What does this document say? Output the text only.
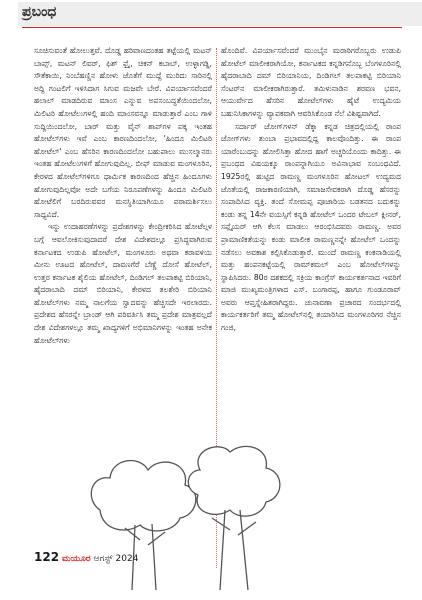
ಪ್ರಬಂಧ

ಸೂಚಿಸುವಂತೆ ಹೋಲುತ್ತವೆ. ದೊಡ್ಡ ಹರಿವಾಣದಂತಹ ತಟ್ಟೆಯಲ್ಲಿ ಮಟನ್ ಬಾಪ್ಸ್, ಮಟನ್ ಲಿವರ್, ಫಿಶ್ ಫ್ರೈ, ಚಿಕನ್ ಕಬಾಬ್, ಉಳ್ಳಾಗಡ್ಡಿ, ಸೌತೆಕಾಯಿ, ನಿಂಬೆಹಣ್ಣಿನ ಹೋಳು ಜೊತೆಗೆ ಮುದ್ದೆ ಮುರಿದು ಸಾರಿನಲ್ಲಿ ಅದ್ದಿ ಗಂಟಲಿಗೆ ಇಳಿಸಿದಾಗ ಸಿಗುವ ಮಜವೇ ಬೇರೆ. ವಿಪರ್ಯಾಸವೆಂದರೆ ಹಲಾಲ್ ಮಾಡದಿರುವ ಮಾಂಸ ಎನ್ನುವ ಅಪಸಂಬದ್ಧತೆಯಿಂದಲೋ, ಮಿಲಿಟರಿ ಹೋಟೆಲುಗಳಲ್ಲಿ ಹಂದಿ ಮಾಂಸವನ್ನೂ ಮಾಡುತ್ತಾರೆ ಎಂಬ ಗಾಳಿ ಸುದ್ದಿಯಿಂದಲೋ, ಬಾರ್ ಮತ್ತು ವೈನ್ ಶಾಪ್‌ಗಳ ಪಕ್ಕ ಇಂತಹ ಹೋಟೆಲ್‌ಗಳು ಇವೆ ಎಂಬ ಕಾರಣದಿಂದಲೋ, 'ಹಿಂದೂ ಮಿಲಿಟರಿ ಹೋಟೆಲ್' ಎಂಬ ಹೆಸರಿನ ಕಾರಣದಿಂದಲೋ ಬಹುಪಾಲು ಮುಸಲ್ಮಾನರು ಇಂತಹ ಹೋಟೆಲುಗಳಿಗೆ ಹೋಗುವುದಿಲ್ಲ. ಬೀಫ್ ಮಾಡುವ ಮಂಗಳೂರಿನ, ಕೇರಳದ ಹೋಟೆಲ್‌ಗಳಿಗೂ ಧಾರ್ಮಿಕ ಕಾರಣದಿಂದ ಹೆಚ್ಚಿನ ಹಿಂದೂಗಳು ಹೋಗುವುದಿಲ್ಲವೋ ಅದೇ ಬಗೆಯ ನಿರೂಪಣೆಗಳನ್ನು ಹಿಂದೂ ಮಿಲಿಟರಿ ಹೋಟೆಲಿಗೆ ಬರದಿರುವವರ ಮನಸ್ಥಿತಿಯಾಗಿಯೂ ಪರಾಮರ್ಶಿಸಲು ಸಾಧ್ಯವಿದೆ.

ಇನ್ನು ಉದಾಹರಣೆಗಳನ್ನು ಪ್ರದೇಶಗಳನ್ನು ಕೇಂದ್ರೀಕರಿಸಿದ ಹೋಟೆಲ್ಗಳ ಬಗ್ಗೆ ಆವಲೋಕಿಸುವುದಾದರೆ ದೇಶ ವಿದೇಶದಲ್ಲೂ ಪ್ರಸಿದ್ಧವಾಗಿರುವ ಕರ್ನಾಟಕದ ಉಡುಪಿ ಹೋಟೆಲ್, ಮಂಗಳೂರು ಅಥವಾ ಕರಾವಳಿಯ ಮೀನು ಊಟದ ಹೋಟೆಲ್, ದಾವಣಗೆರೆ ಬೆಣ್ಣೆ ದೋಸೆ ಹೋಟೆಲ್, ಉತ್ತರ ಕರ್ನಾಟಕ ಶೈಲಿಯ ಹೋಟೆಲ್, ದಿಂಡಿಗಲ್ ತಲಪಾಕಟ್ಟಿ ಬಿರಿಯಾನಿ, ಹೈದರಾಬಾದಿ ದಮ್ ಬಿರಿಯಾನಿ, ಕೇರಳದ ತಲಶೇರಿ ಬಿರಿಯಾನಿ ಹೋಟೆಲ್‌ಗಳು ನಮ್ಮ ನಾಲಗೆಯ ಸ್ವಾದವನ್ನು ಹೆಚ್ಚಿಸದೇ ಇರಲಾರದು. ಪ್ರದೇಶದ ಹೆಸರನ್ನೇ ಬ್ರಾಂಡ್ ಆಗಿ ಪರಿವರ್ತಿಸಿ ತಮ್ಮ ಪ್ರದೇಶ ಮಾತ್ರವಲ್ಲದೆ ದೇಶ ವಿದೇಶಗಳಲ್ಲೂ ತಮ್ಮ ಖಾದ್ಯಗಳಿಗೆ ಅಭಿಮಾನಿಗಳನ್ನು ಇಂತಹ ಅನೇಕ ಹೋಟೆಲ್‌ಗಳು

ಹೊಂದಿವೆ. ವಿಪರ್ಯಾಸವೆಂದರೆ ಮುಂಬೈನ ಮರಾಠಿಗರೊಬ್ಬರು ಉಡುಪಿ ಹೋಟೆಲ್ ಮಾಲೀಕರಾಗಿಯೋ, ಕರ್ನಾಟಕದ ಕನ್ನಡಿಗನೊಬ್ಬ ಬೆಂಗಳೂರಿನಲ್ಲಿ ಹೈದರಾಬಾದಿ ದಮ್ ಬಿರಿಯಾನಿಯ, ದಿಂಡಿಗಲ್ ತಲಪಾಕಟ್ಟಿ ಬಿರಿಯಾನಿ ಸೆಂಟರ್‌ನ ಮಾಲೀಕರಾಗಿರುತ್ತಾರೆ. ತಮಿಳುನಾಡಿನ ಶರವಣ ಭವನ, ಆಯುರ್ವೇದ ಹೆಸರಿನ ಹೋಟೆಲ್‌ಗಳು ಹೈಟೆ ಉದ್ಯಮಿಯ ಬಹುನಿಸಿಕಾಗಳನ್ನು ವ್ಯಾಪಕವಾಗಿ ಆವರಿಸಿಕೊಂಡ ನೆಲೆ ವಿಶಿಷ್ಟವಾಗಿದೆ.

ಸರ್ದಾರ್ ಜೋಗ್‌ಗಳನ್ ಡೆಕ್ಕಾ ಕನ್ನಡ ಚಿತ್ರದಲ್ಲಿಯಲ್ಲಿ ರಾಂಪ ಜೋಗ್‌ಗಳು ತುಂಬಾ ಪ್ರಭಾವದಲ್ಲಿದ್ದ ಕಾಲವೊಂದಿತ್ತು. ಈ ರಾಂಪ ಯಾರೆಂಬುದನ್ನು ಹೋಲಿಸಿತ್ತಾ ಹೋದ ಹಾಗೆ ಅಚ್ಚರಿಯೊಂದು ಕಾದಿತ್ತು. ಈ ಪ್ರಬಂಧದ ವಿಷಯಕ್ಕೂ ರಾಂಪನ್ನಾಗಿಯೂ ಅವಿನಾಭಾವ ಸಂಬಂಧವಿದೆ. 1925ರಲ್ಲಿ ಹುಟ್ಟಿದ ರಾಮಣ್ಣ ಮಂಗಳೂರಿನ ಹೋಟಲ್ ಉದ್ಯಮದ ಜೊತೆಯಲ್ಲಿ ರಾಜಕಾರಣಿಯಾಗಿ, ಸಮಾಜಸೇವಕರಾಗಿ ದೊಡ್ಡ ಹೆಸರನ್ನು ಸಂಪಾದಿಸಿದ ವ್ಯಕ್ತಿ. ತಂದೆ ಸೋಮಪ್ಪ ಪೂಜಾರಿಯ ಬಡತನದ ಬದುಕನ್ನು ಕಂಡು ತನ್ನ 14ನೇ ವಯಸ್ಸಿಗೆ ಕನ್ನಡಿ ಹೋಟೆಲ್ ಒಂದರ ಟೇಬಲ್ ಕ್ಲೀನರ್, ಸಪ್ಲೈಯರ್ ಆಗಿ ಕೆಲಸ ಮಾಡಲು ಆರಂಭಿಸಿದವರು ರಾಮಣ್ಣ. ಅವರ ಪ್ರಾಮಾಣಿಕತೆಯನ್ನು ಕಂಡು ಮಾಲೀಕ ರಾಮಣ್ಣನನ್ನೇ ಹೋಟೆಲ್ ಒಂದನ್ನು ನಡೆಸಲು ಅವಕಾಶ ಕಲ್ಪಿಸಿಕೊಡುತ್ತಾರೆ. ಮುಂದೆ ರಾಮಣ್ಣ ಕಂಕನಾಡಿಯಲ್ಲಿ ಮತ್ತು ಹಂಪನಕಟ್ಟೆಯಲ್ಲಿ ರಾಮ್‌ಕಮಲ್ ಎಂಬ ಹೋಟೆಲ್‌ಗಳನ್ನು ಸ್ಥಾಪಿಸಿದರು. 80ರ ದಶಕದಲ್ಲಿ ಸಕ್ರಿಯ ಕಾಂಗ್ರೆಸ್ ಕಾರ್ಯಕರ್ತನಾದ ಇವರಿಗೆ ಮಾಜಿ ಮುಖ್ಯಮಂತ್ರಿಗಳಾದ ಎಸ್. ಬಂಗಾರಪ್ಪ, ಹಾಗೂ ಗುಂಡೂರಾವ್ ಅವರು ಆಪ್ತಸ್ನೇಹಿತರಾಗಿದ್ದರು. ಚುನಾವಣಾ ಪ್ರಚಾರದ ಸಂದರ್ಭದಲ್ಲಿ ಕಾರ್ಯಕರ್ತರಿಗೆ ತಮ್ಮ ಹೋಟೆಲ್‌ನಲ್ಲಿ ತಯಾರಿಸಿದ ಮಂಗಳೂರಿಗರ ನೆಚ್ಚಿನ ಗಂಜಿ,

122 ಮಯೂರ ಆಗಸ್ಟ್ 2024
